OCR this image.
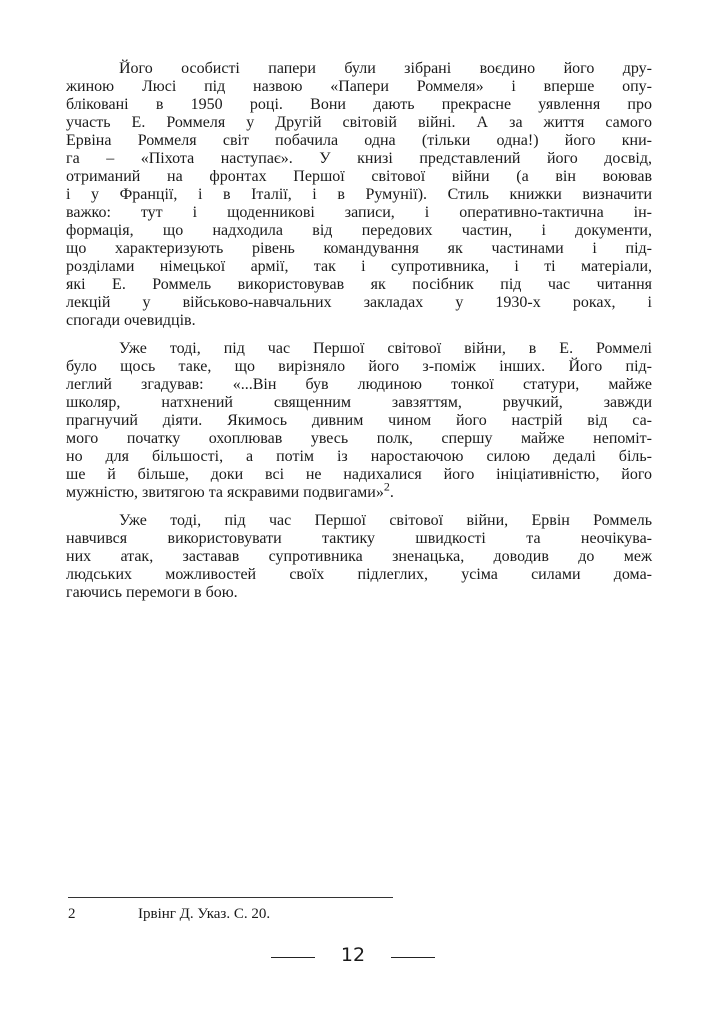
Його особисті папери були зібрані воєдино його дру-
жиною Люсі під назвою «Папери Роммеля» і вперше опу-
бліковані в 1950 році. Вони дають прекрасне уявлення про
участь Е. Роммеля у Другій світовій війні. А за життя самого
Ервіна Роммеля світ побачила одна (тільки одна!) його кни-
га – «Піхота наступає». У книзі представлений його досвід,
отриманий на фронтах Першої світової війни (а він воював
і у Франції, і в Італії, і в Румунії). Стиль книжки визначити
важко: тут і щоденникові записи, і оперативно-тактична ін-
формація, що надходила від передових частин, і документи,
що характеризують рівень командування як частинами і під-
розділами німецької армії, так і супротивника, і ті матеріали,
які Е. Роммель використовував як посібник під час читання
лекцій у військово-навчальних закладах у 1930-х роках, і
спогади очевидців.
Уже тоді, під час Першої світової війни, в Е. Роммелі
було щось таке, що вирізняло його з-поміж інших. Його під-
леглий згадував: «...Він був людиною тонкої статури, майже
школяр, натхнений священним завзяттям, рвучкий, завжди
прагнучий діяти. Якимось дивним чином його настрій від са-
мого початку охоплював увесь полк, спершу майже непоміт-
но для більшості, а потім із наростаючою силою дедалі біль-
ше й більше, доки всі не надихалися його ініціативністю, його
мужністю, звитягою та яскравими подвигами»$^2$.
Уже тоді, під час Першої світової війни, Ервін Роммель
навчився використовувати тактику швидкості та неочікува-
них атак, заставав супротивника зненацька, доводив до меж
людських можливостей своїх підлеглих, усіма силами дома-
гаючись перемоги в бою.
2	Ірвінг Д. Указ. С. 20.
12
